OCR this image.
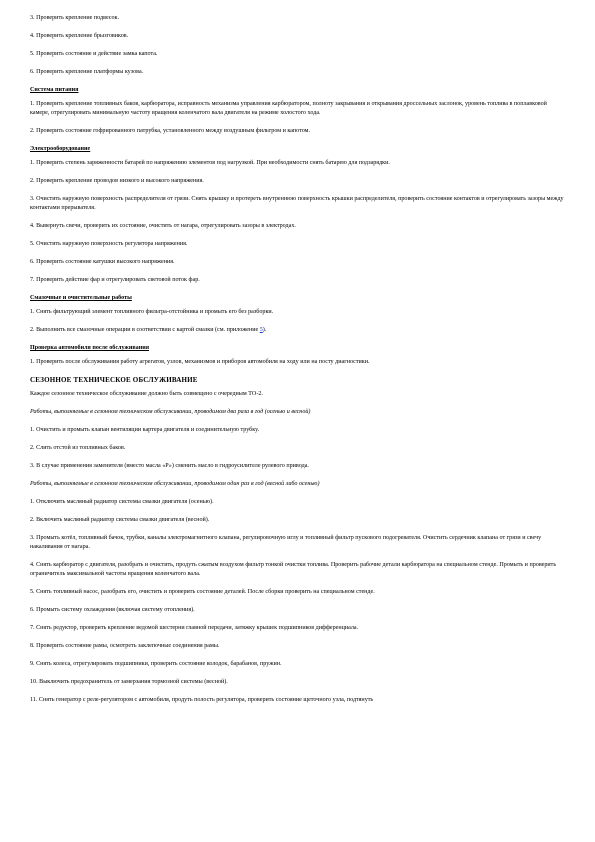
3. Проверить крепление подвесок.
4. Проверить крепление брызговиков.
5. Проверить состояние и действие замка капота.
6. Проверить крепление платформы кузова.
Система питания
1. Проверить крепление топливных баков, карбюратора, исправность механизма управления карбюратором, полноту закрывания и открывания дроссельных заслонок, уровень топлива в поплавковой камере, отрегулировать минимальную частоту вращения коленчатого вала двигателя на режиме холостого хода.
2. Проверить состояние гофрированного патрубка, установленного между воздушным фильтром и капотом.
Электрооборудование
1. Проверить степень заряженности батарей по напряжению элементов под нагрузкой. При необходимости снять батарею для подзарядки.
2. Проверить крепление проводов низкого и высокого напряжения.
3. Очистить наружную поверхность распределителя от грязи. Снять крышку и протереть внутреннюю поверхность крышки распределителя, проверить состояние контактов и отрегулировать зазоры между контактами прерывателя.
4. Вывернуть свечи, проверить их состояние, очистить от нагара, отрегулировать зазоры в электродах.
5. Очистить наружную поверхность регулятора напряжения.
6. Проверить состояние катушки высокого напряжения.
7. Проверить действие фар и отрегулировать световой поток фар.
Смазочные и очистительные работы
1. Снять фильтрующий элемент топливного фильтра-отстойника и промыть его без разборки.
2. Выполнить все смазочные операции в соответствии с картой смазки (см. приложение 5).
Проверка автомобиля после обслуживания
1. Проверить после обслуживания работу агрегатов, узлов, механизмов и приборов автомобиля на ходу или на посту диагностики.
СЕЗОННОЕ ТЕХНИЧЕСКОЕ ОБСЛУЖИВАНИЕ
Каждое сезонное техническое обслуживание должно быть совмещено с очередным ТО-2.
Работы, выполняемые в сезонном техническом обслуживании, проводимом два раза в год (осенью и весной)
1. Очистить и промыть клапан вентиляции картера двигателя и соединительную трубку.
2. Слить отстой из топливных баков.
3. В случае применения заменителя (вместо масла «Р») сменить масло в гидроусилителе рулевого привода.
Работы, выполняемые в сезонном техническом обслуживании, проводимом один раз в год (весной либо осенью)
1. Отключить масляный радиатор системы смазки двигателя (осенью).
2. Включить масляный радиатор системы смазки двигателя (весной).
3. Промыть котёл, топливный бачок, трубки, каналы электромагнитного клапана, регулировочную иглу и топливный фильтр пускового подогревателя. Очистить сердечник клапана от грязи и свечу накаливания от нагара.
4. Снять карбюратор с двигателя, разобрать и очистить, продуть сжатым воздухом фильтр тонкой очистки топлива. Проверить рабочие детали карбюратора на специальном стенде. Промыть и проверить ограничитель максимальной частоты вращения коленчатого вала.
5. Снять топливный насос, разобрать его, очистить и проверить состояние деталей. После сборки проверить на специальном стенде.
6. Промыть систему охлаждения (включая систему отопления).
7. Снять редуктор, проверить крепление ведомой шестерни главной передачи, затяжку крышек подшипников дифференциала.
8. Проверить состояние рамы, осмотреть заклепочные соединения рамы.
9. Снять колеса, отрегулировать подшипники, проверить состояние колодок, барабанов, пружин.
10. Выключить предохранитель от замерзания тормозной системы (весной).
11. Снять генератор с реле-регулятором с автомобиля, продуть полость регулятора, проверить состояние щеточного узла, подтянуть
